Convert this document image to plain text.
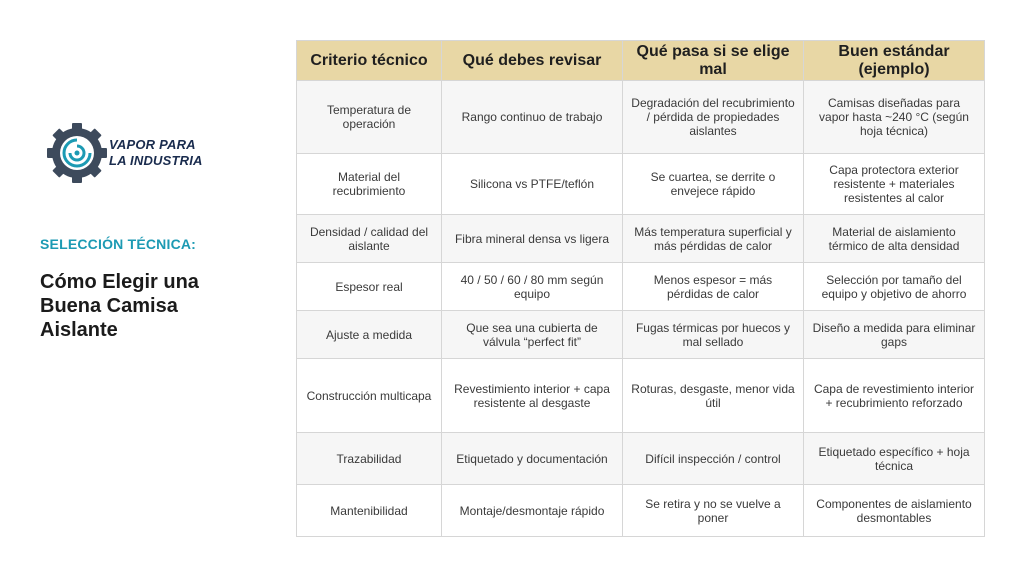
VAPOR PARA
LA INDUSTRIA
SELECCIÓN TÉCNICA:
Cómo Elegir una
Buena Camisa
Aislante
Criterio técnico	Qué debes revisar	Qué pasa si se elige mal	Buen estándar (ejemplo)
Temperatura de operación	Rango continuo de trabajo	Degradación del recubrimiento / pérdida de propiedades aislantes	Camisas diseñadas para vapor hasta ~240 °C (según hoja técnica)
Material del recubrimiento	Silicona vs PTFE/teflón	Se cuartea, se derrite o envejece rápido	Capa protectora exterior resistente + materiales resistentes al calor
Densidad / calidad del aislante	Fibra mineral densa vs ligera	Más temperatura superficial y más pérdidas de calor	Material de aislamiento térmico de alta densidad
Espesor real	40 / 50 / 60 / 80 mm según equipo	Menos espesor = más pérdidas de calor	Selección por tamaño del equipo y objetivo de ahorro
Ajuste a medida	Que sea una cubierta de válvula “perfect fit”	Fugas térmicas por huecos y mal sellado	Diseño a medida para eliminar gaps
Construcción multicapa	Revestimiento interior + capa resistente al desgaste	Roturas, desgaste, menor vida útil	Capa de revestimiento interior + recubrimiento reforzado
Trazabilidad	Etiquetado y documentación	Difícil inspección / control	Etiquetado específico + hoja técnica
Mantenibilidad	Montaje/desmontaje rápido	Se retira y no se vuelve a poner	Componentes de aislamiento desmontables
